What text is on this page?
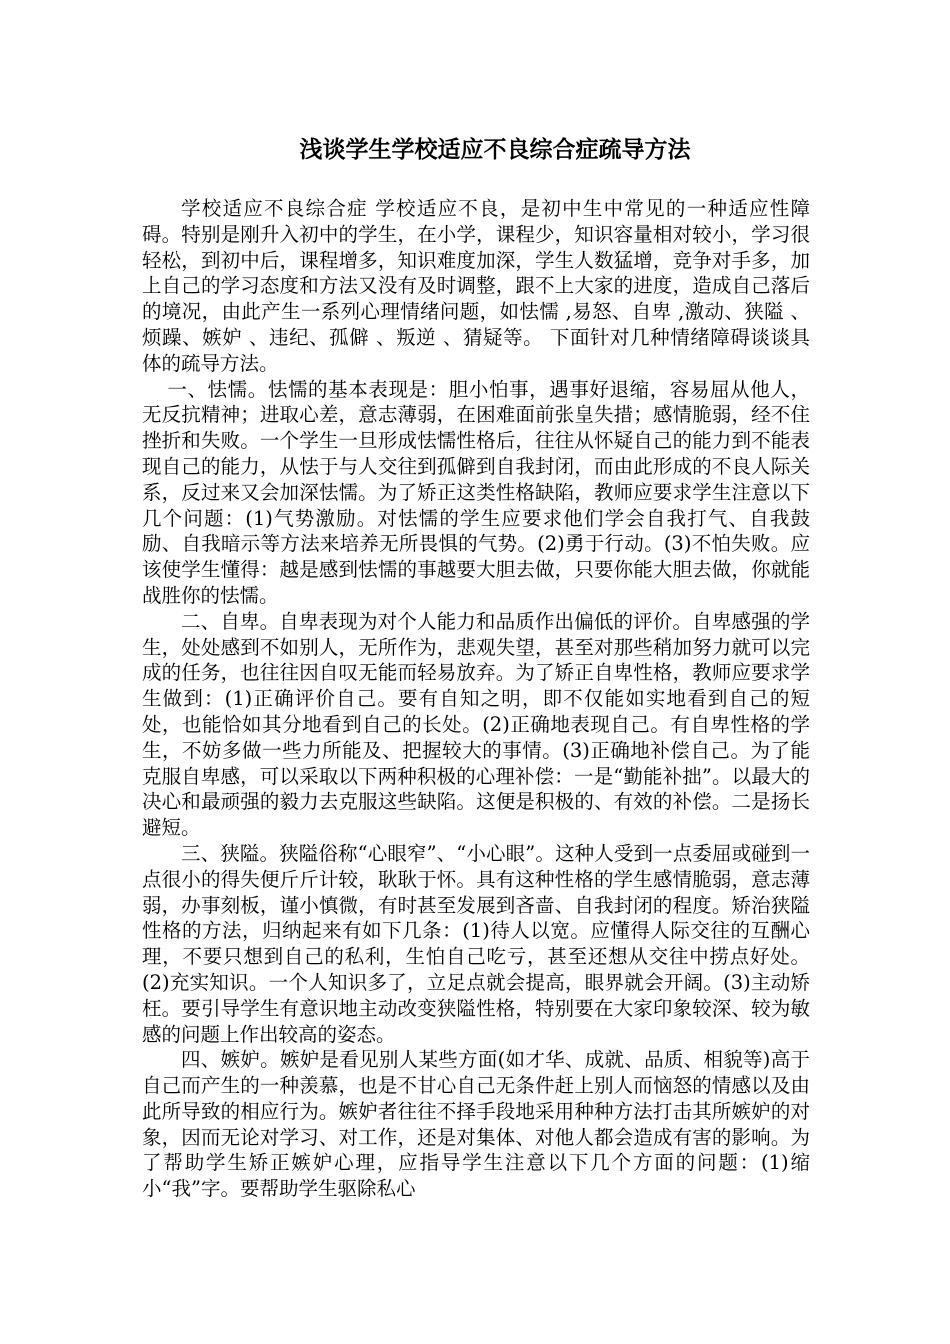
浅谈学生学校适应不良综合症疏导方法

学校适应不良综合症 学校适应不良，是初中生中常见的一种适应性障碍。特别是刚升入初中的学生，在小学，课程少，知识容量相对较小，学习很轻松，到初中后，课程增多，知识难度加深，学生人数猛增，竞争对手多，加上自己的学习态度和方法又没有及时调整，跟不上大家的进度，造成自己落后的境况，由此产生一系列心理情绪问题，如怯懦 ,易怒、自卑 ,激动、狭隘 、烦躁、嫉妒 、违纪、孤僻 、叛逆 、猜疑等。 下面针对几种情绪障碍谈谈具体的疏导方法。

一、怯懦。怯懦的基本表现是：胆小怕事，遇事好退缩，容易屈从他人，无反抗精神；进取心差，意志薄弱，在困难面前张皇失措；感情脆弱，经不住挫折和失败。一个学生一旦形成怯懦性格后，往往从怀疑自己的能力到不能表现自己的能力，从怯于与人交往到孤僻到自我封闭，而由此形成的不良人际关系，反过来又会加深怯懦。为了矫正这类性格缺陷，教师应要求学生注意以下几个问题：(1)气势激励。对怯懦的学生应要求他们学会自我打气、自我鼓励、自我暗示等方法来培养无所畏惧的气势。(2)勇于行动。(3)不怕失败。应该使学生懂得：越是感到怯懦的事越要大胆去做，只要你能大胆去做，你就能战胜你的怯懦。

二、自卑。自卑表现为对个人能力和品质作出偏低的评价。自卑感强的学生，处处感到不如别人，无所作为，悲观失望，甚至对那些稍加努力就可以完成的任务，也往往因自叹无能而轻易放弃。为了矫正自卑性格，教师应要求学生做到：(1)正确评价自己。要有自知之明，即不仅能如实地看到自己的短处，也能恰如其分地看到自己的长处。(2)正确地表现自己。有自卑性格的学生，不妨多做一些力所能及、把握较大的事情。(3)正确地补偿自己。为了能克服自卑感，可以采取以下两种积极的心理补偿：一是“勤能补拙”。以最大的决心和最顽强的毅力去克服这些缺陷。这便是积极的、有效的补偿。二是扬长避短。

三、狭隘。狭隘俗称“心眼窄”、“小心眼”。这种人受到一点委屈或碰到一点很小的得失便斤斤计较，耿耿于怀。具有这种性格的学生感情脆弱，意志薄弱，办事刻板，谨小慎微，有时甚至发展到吝啬、自我封闭的程度。矫治狭隘性格的方法，归纳起来有如下几条：(1)待人以宽。应懂得人际交往的互酬心理，不要只想到自己的私利，生怕自己吃亏，甚至还想从交往中捞点好处。(2)充实知识。一个人知识多了，立足点就会提高，眼界就会开阔。(3)主动矫枉。要引导学生有意识地主动改变狭隘性格，特别要在大家印象较深、较为敏感的问题上作出较高的姿态。

四、嫉妒。嫉妒是看见别人某些方面(如才华、成就、品质、相貌等)高于自己而产生的一种羡慕，也是不甘心自己无条件赶上别人而恼怒的情感以及由此所导致的相应行为。嫉妒者往往不择手段地采用种种方法打击其所嫉妒的对象，因而无论对学习、对工作，还是对集体、对他人都会造成有害的影响。为了帮助学生矫正嫉妒心理，应指导学生注意以下几个方面的问题：(1)缩小“我”字。要帮助学生驱除私心
